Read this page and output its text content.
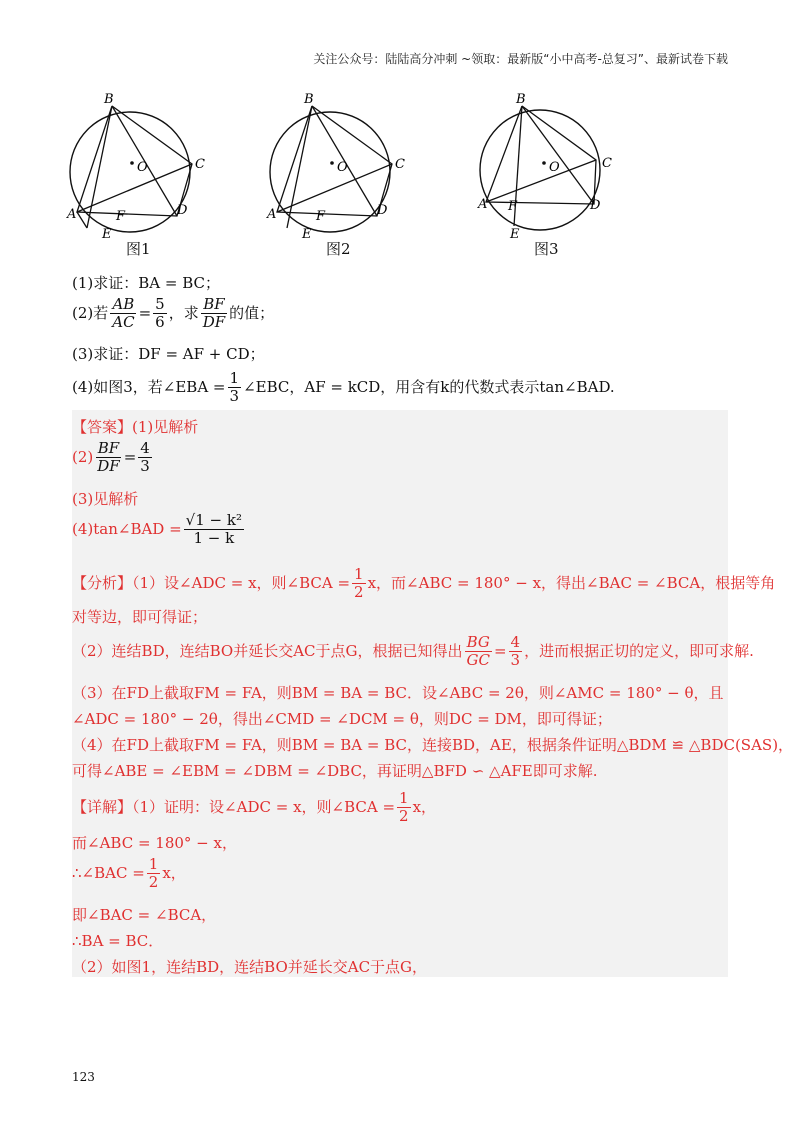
关注公众号：陆陆高分冲刺 ~领取：最新版“小中高考-总复习”、最新试卷下载
B
C
A	D
E
F
O
B
C
A	D
E
F
O
B
C
A	D
E
F
O
图1	图2	图3
(1)求证：BA = BC；
(2)若 $\frac{AB}{AC} = \frac{5}{6}$ ，求 $\frac{BF}{DF}$ 的值；
(3)求证：DF = AF + CD；
(4)如图3，若∠EBA = $\frac{1}{3}$ ∠EBC，AF = kCD，用含有k的代数式表示tan∠BAD.
【答案】(1)见解析
$(2) \frac{BF}{DF} = \frac{4}{3}$
(3)见解析
(4)tan∠BAD = $\frac{\text{√1 − k²}}{1 - k}$
【分析】（1）设∠ADC = x，则∠BCA = $\frac{1}{2}$ x，而∠ABC = 180° − x，得出∠BAC = ∠BCA，根据等角
对等边，即可得证；
（2）连结BD，连结BO并延长交AC于点G，根据已知得出 $\frac{BG}{GC} = \frac{4}{3}$ ，进而根据正切的定义，即可求解.
（3）在FD上截取FM = FA，则BM = BA = BC．设∠ABC = 2θ，则∠AMC = 180° − θ，且
∠ADC = 180° − 2θ，得出∠CMD = ∠DCM = θ，则DC = DM，即可得证；
（4）在FD上截取FM = FA，则BM = BA = BC，连接BD，AE，根据条件证明△BDM ≌ △BDC(SAS)，
可得∠ABE = ∠EBM = ∠DBM = ∠DBC，再证明△BFD ∽ △AFE即可求解.
【详解】（1）证明：设∠ADC = x，则∠BCA = $\frac{1}{2}$ x，
而∠ABC = 180° − x，
∴∠BAC = $\frac{1}{2}$ x，
即∠BAC = ∠BCA，
∴BA = BC．
（2）如图1，连结BD，连结BO并延长交AC于点G，
123
